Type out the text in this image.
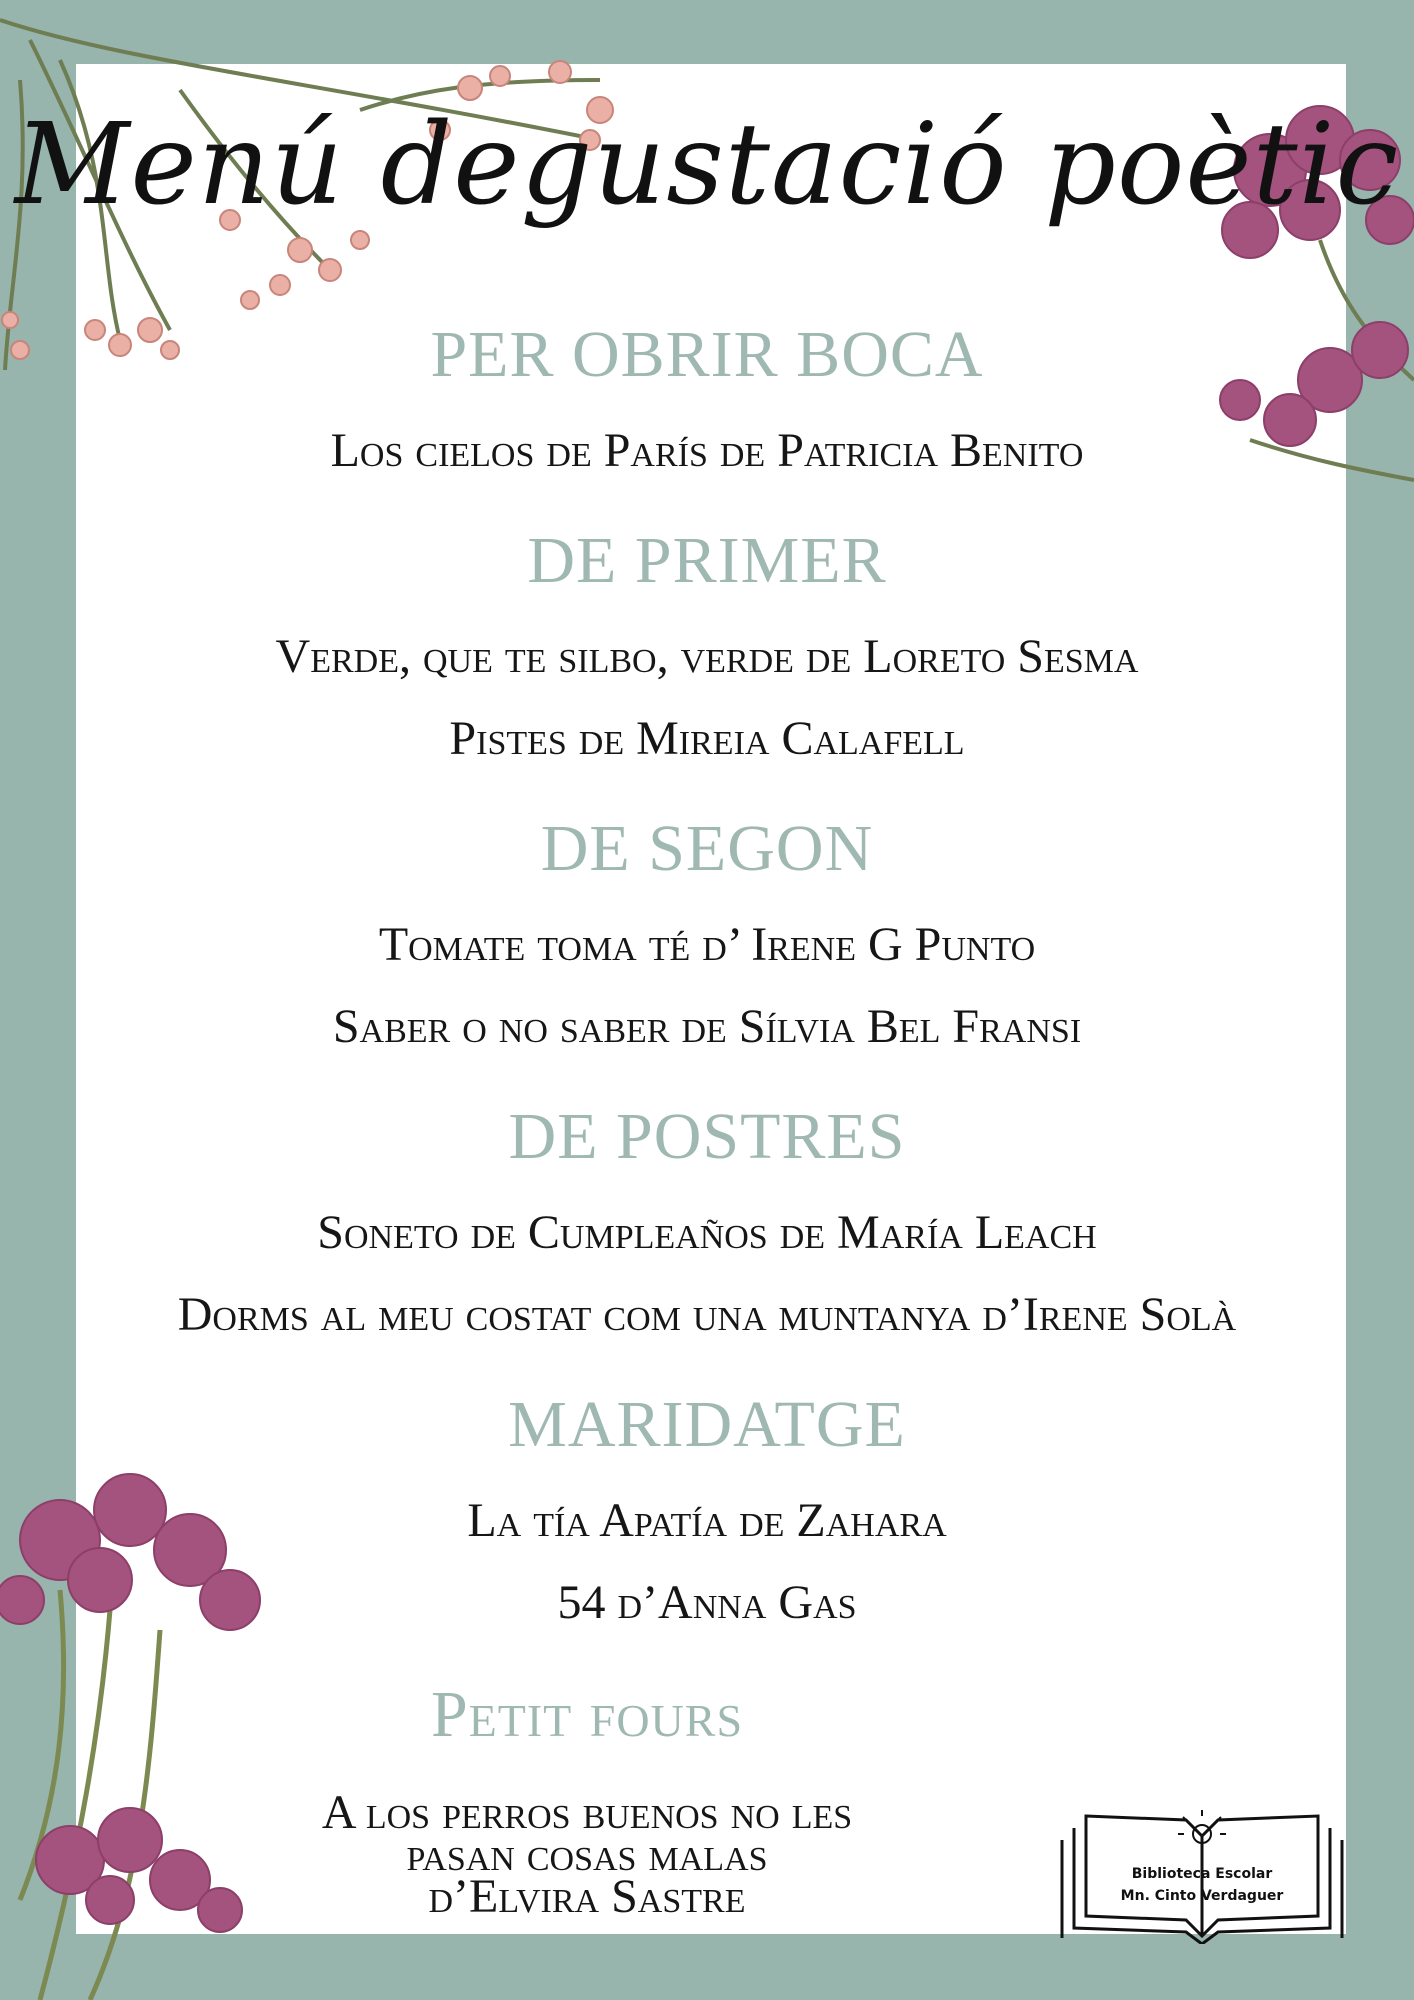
Menú degustació poètic
PER OBRIR BOCA
Los cielos de París de Patricia Benito
DE PRIMER
Verde, que te silbo, verde de Loreto Sesma
Pistes de Mireia Calafell
DE SEGON
Tomate toma té d’ Irene G Punto
Saber o no saber de Sílvia Bel Fransi
DE POSTRES
Soneto de Cumpleaños de María Leach
Dorms al meu costat com una muntanya d’Irene Solà
MARIDATGE
La tía Apatía de Zahara
54 d’Anna Gas
Petit fours
A los perros buenos no les
pasan cosas malas
d’Elvira Sastre	Biblioteca Escolar
Mn. Cinto Verdaguer
